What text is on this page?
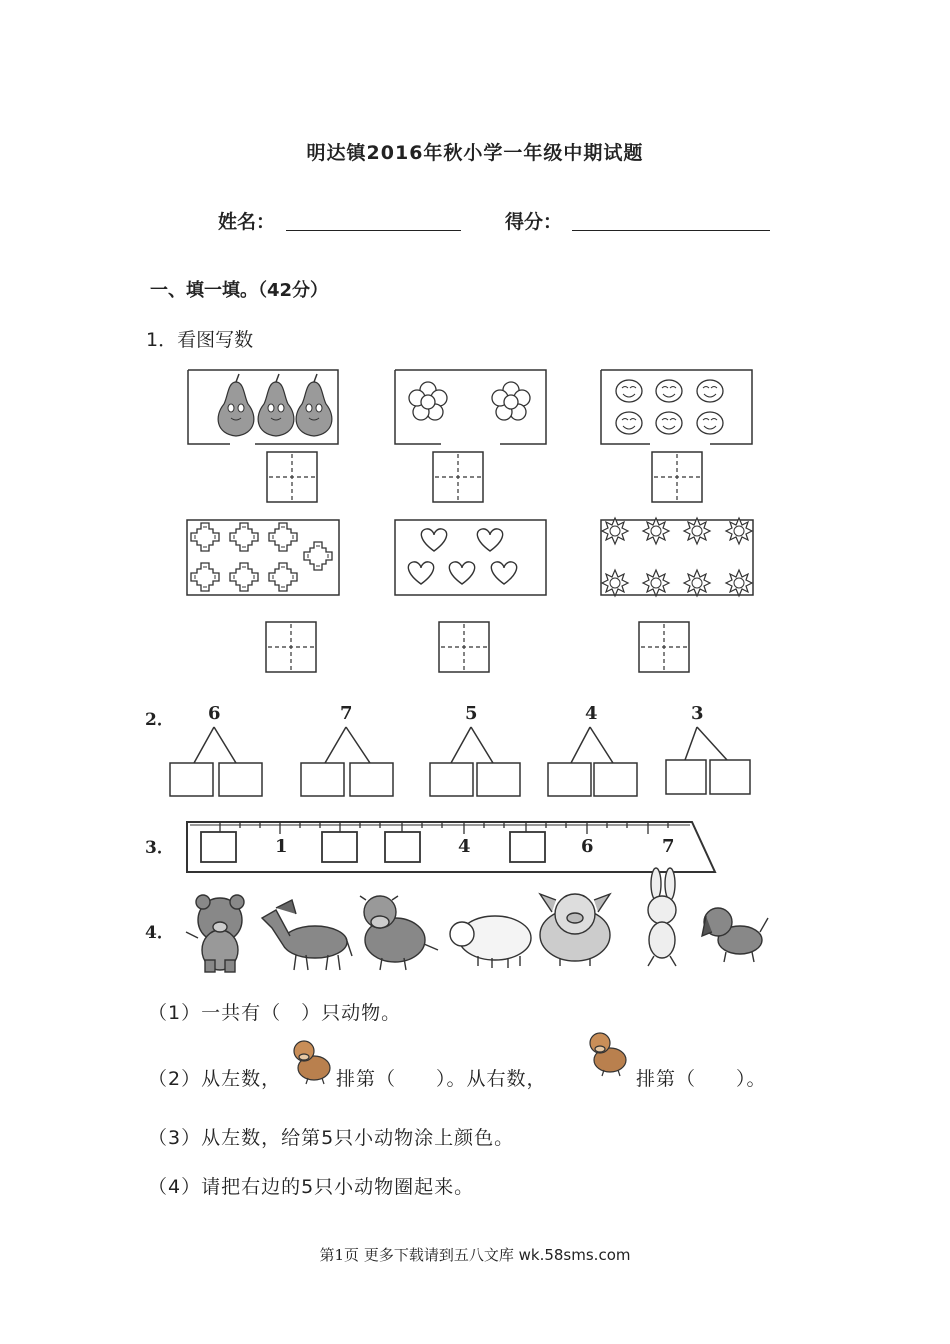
明达镇2016年秋小学一年级中期试题
姓名：	得分：
一、填一填。（42分）
1．看图写数
2． 6	7	5	4	3
3．	1	4	6	7
4．
（1）一共有（　）只动物。
（2）从左数，	排第（　　）。从右数，	排第（　　）。
（3）从左数，给第5只小动物涂上颜色。
（4）请把右边的5只小动物圈起来。
第1页 更多下载请到五八文库 wk.58sms.com
